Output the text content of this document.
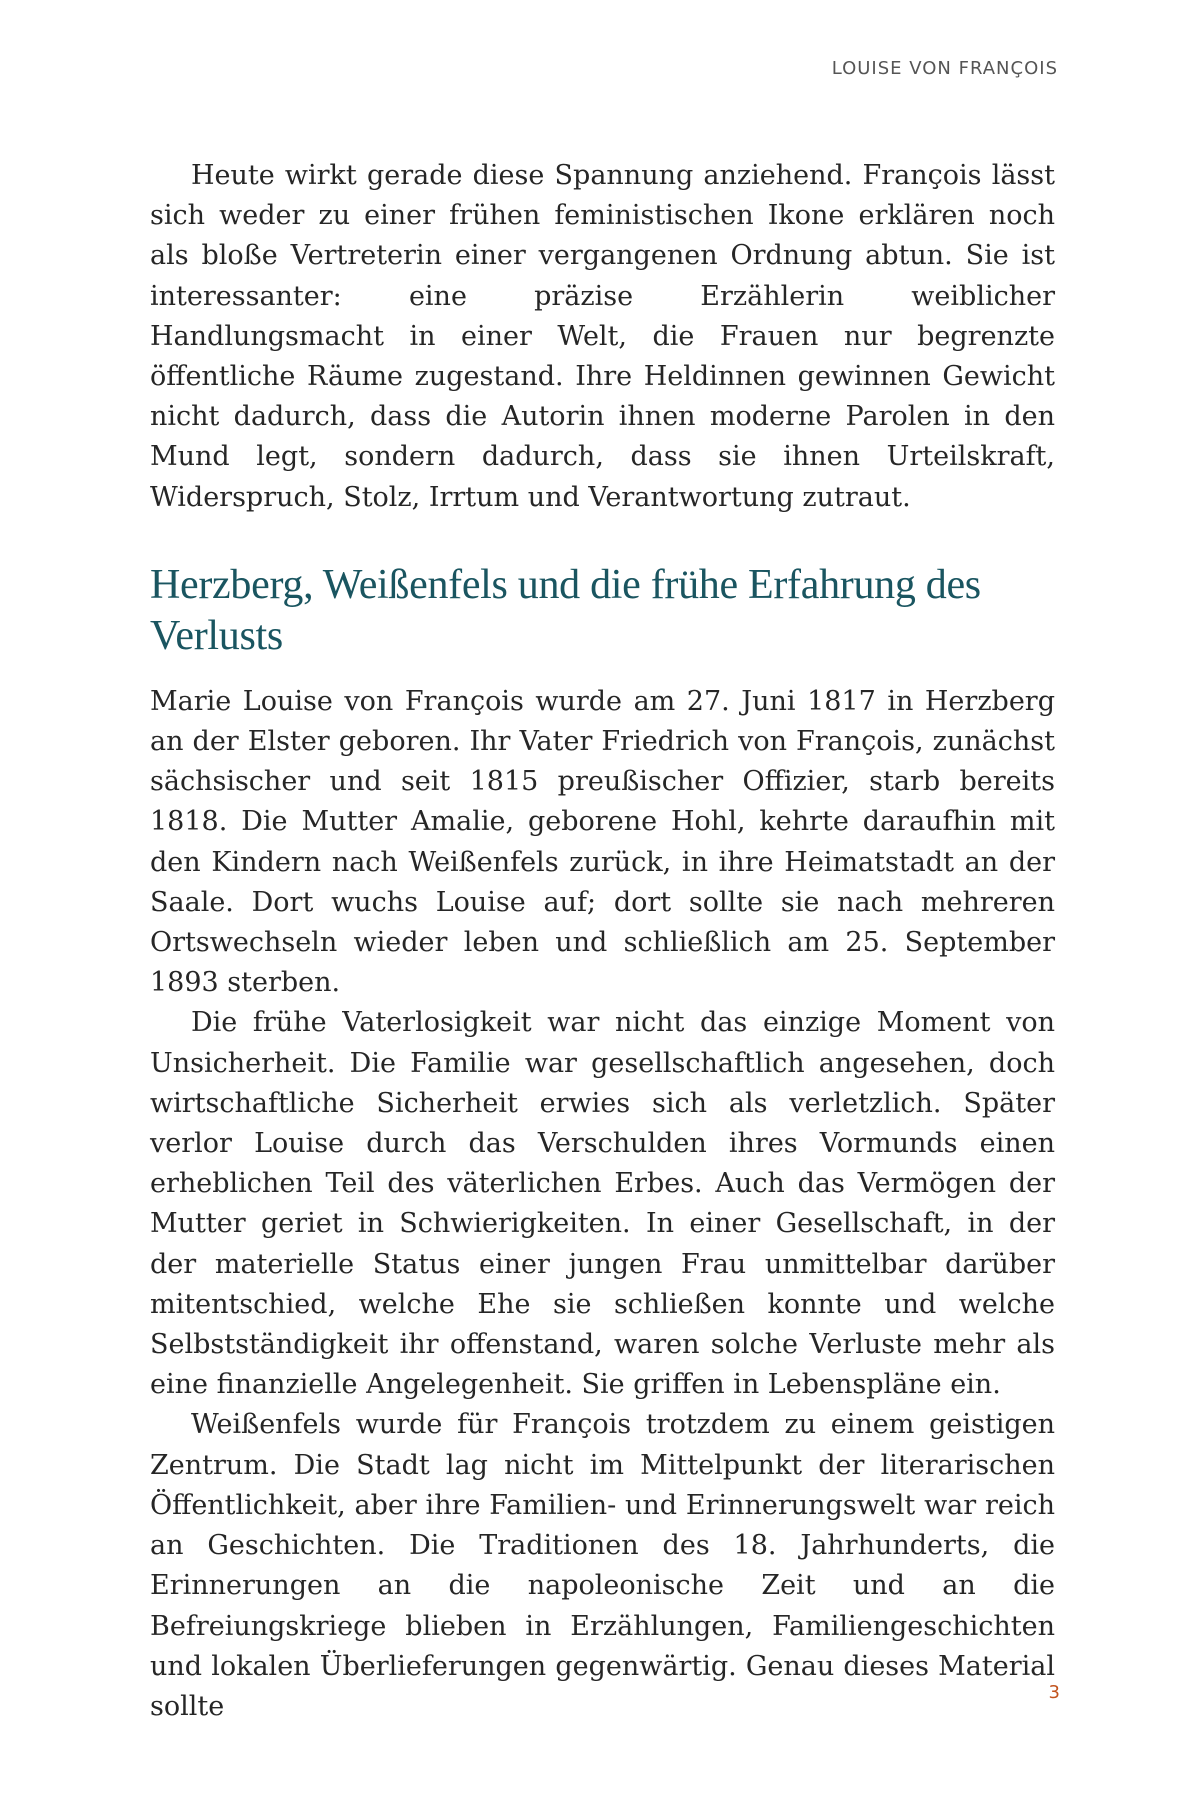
LOUISE VON FRANÇOIS

Heute wirkt gerade diese Spannung anziehend. François lässt sich weder zu einer frühen feministischen Ikone erklären noch als bloße Vertreterin einer vergangenen Ordnung abtun. Sie ist interessanter: eine präzise Erzählerin weiblicher Handlungsmacht in einer Welt, die Frauen nur begrenzte öffentliche Räume zugestand. Ihre Heldinnen gewinnen Gewicht nicht dadurch, dass die Autorin ihnen moderne Parolen in den Mund legt, sondern dadurch, dass sie ihnen Urteilskraft, Widerspruch, Stolz, Irrtum und Verantwortung zutraut.

Herzberg, Weißenfels und die frühe Erfahrung des Verlusts

Marie Louise von François wurde am 27. Juni 1817 in Herzberg an der Elster geboren. Ihr Vater Friedrich von François, zunächst sächsischer und seit 1815 preußischer Offizier, starb bereits 1818. Die Mutter Amalie, geborene Hohl, kehrte daraufhin mit den Kindern nach Weißenfels zurück, in ihre Heimatstadt an der Saale. Dort wuchs Louise auf; dort sollte sie nach mehreren Ortswechseln wieder leben und schließlich am 25. September 1893 sterben.

Die frühe Vaterlosigkeit war nicht das einzige Moment von Unsicherheit. Die Familie war gesellschaftlich angesehen, doch wirtschaftliche Sicherheit erwies sich als verletzlich. Später verlor Louise durch das Verschulden ihres Vormunds einen erheblichen Teil des väterlichen Erbes. Auch das Vermögen der Mutter geriet in Schwierigkeiten. In einer Gesellschaft, in der der materielle Status einer jungen Frau unmittelbar darüber mitentschied, welche Ehe sie schließen konnte und welche Selbstständigkeit ihr offenstand, waren solche Verluste mehr als eine finanzielle Angelegenheit. Sie griffen in Lebenspläne ein.

Weißenfels wurde für François trotzdem zu einem geistigen Zentrum. Die Stadt lag nicht im Mittelpunkt der literarischen Öffentlichkeit, aber ihre Familien- und Erinnerungswelt war reich an Geschichten. Die Traditionen des 18. Jahrhunderts, die Erinnerungen an die napoleonische Zeit und an die Befreiungskriege blieben in Erzählungen, Familiengeschichten und lokalen Überlieferungen gegenwärtig. Genau dieses Material sollte	3
